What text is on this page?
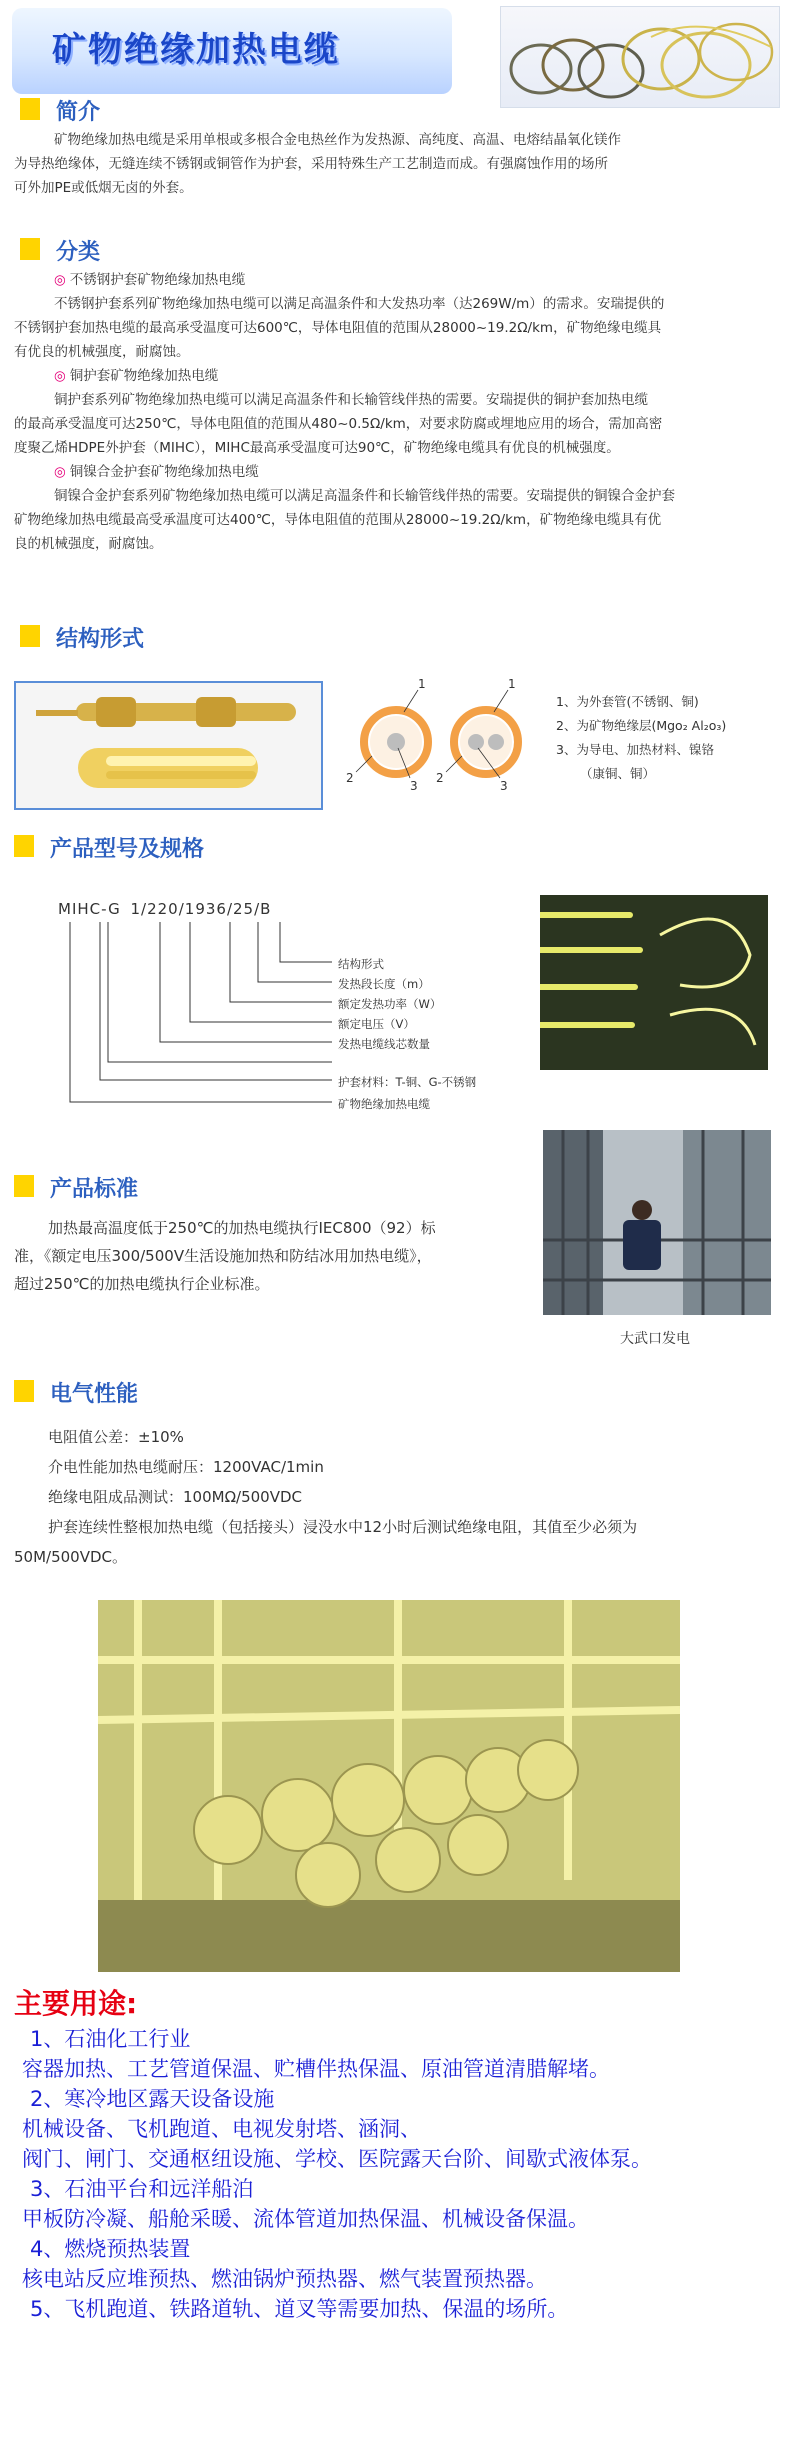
矿物绝缘加热电缆
简介
矿物绝缘加热电缆是采用单根或多根合金电热丝作为发热源、高纯度、高温、电熔结晶氧化镁作
为导热绝缘体，无缝连续不锈钢或铜管作为护套，采用特殊生产工艺制造而成。有强腐蚀作用的场所
可外加PE或低烟无卤的外套。
分类
◎ 不锈钢护套矿物绝缘加热电缆
不锈钢护套系列矿物绝缘加热电缆可以满足高温条件和大发热功率（达269W/m）的需求。安瑞提供的
不锈钢护套加热电缆的最高承受温度可达600℃，导体电阻值的范围从28000~19.2Ω/km，矿物绝缘电缆具
有优良的机械强度，耐腐蚀。
◎ 铜护套矿物绝缘加热电缆
铜护套系列矿物绝缘加热电缆可以满足高温条件和长输管线伴热的需要。安瑞提供的铜护套加热电缆
的最高承受温度可达250℃，导体电阻值的范围从480~0.5Ω/km，对要求防腐或埋地应用的场合，需加高密
度聚乙烯HDPE外护套（MIHC），MIHC最高承受温度可达90℃，矿物绝缘电缆具有优良的机械强度。
◎ 铜镍合金护套矿物绝缘加热电缆
铜镍合金护套系列矿物绝缘加热电缆可以满足高温条件和长输管线伴热的需要。安瑞提供的铜镍合金护套
矿物绝缘加热电缆最高受承温度可达400℃，导体电阻值的范围从28000~19.2Ω/km，矿物绝缘电缆具有优
良的机械强度，耐腐蚀。
结构形式
1
2
3
1
2
3
1、为外套管(不锈钢、铜)
2、为矿物绝缘层(Mgo₂ Al₂o₃)
3、为导电、加热材料、镍铬
（康铜、铜）
产品型号及规格
MIHC-G 1/220/1936/25/B
结构形式
发热段长度（m）
额定发热功率（W）
额定电压（V）
发热电缆线芯数量
护套材料：T-铜、G-不锈钢
矿物绝缘加热电缆
产品标准
加热最高温度低于250℃的加热电缆执行IEC800（92）标
准，《额定电压300/500V生活设施加热和防结冰用加热电缆》，
超过250℃的加热电缆执行企业标准。
大武口发电
电气性能
电阻值公差：±10%
介电性能加热电缆耐压：1200VAC/1min
绝缘电阻成品测试：100MΩ/500VDC
护套连续性整根加热电缆（包括接头）浸没水中12小时后测试绝缘电阻，其值至少必须为
50M/500VDC。
主要用途:
1、石油化工行业
容器加热、工艺管道保温、贮槽伴热保温、原油管道清腊解堵。
2、寒冷地区露天设备设施
机械设备、飞机跑道、电视发射塔、涵洞、
阀门、闸门、交通枢纽设施、学校、医院露天台阶、间歇式液体泵。
3、石油平台和远洋船泊
甲板防冷凝、船舱采暖、流体管道加热保温、机械设备保温。
4、燃烧预热装置
核电站反应堆预热、燃油锅炉预热器、燃气装置预热器。
5、飞机跑道、铁路道轨、道叉等需要加热、保温的场所。
